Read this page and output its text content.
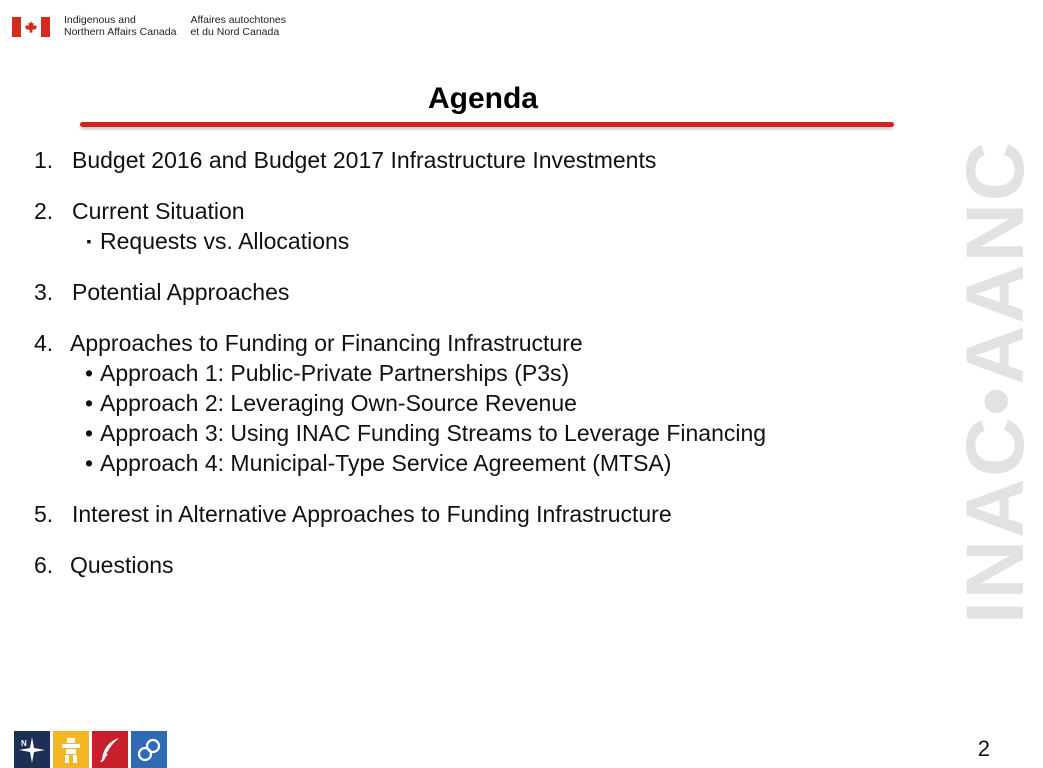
Indigenous and
Northern Affairs Canada
Affaires autochtones
et du Nord Canada
Agenda
1. Budget 2016 and Budget 2017 Infrastructure Investments
2. Current Situation
▪ Requests vs. Allocations
3. Potential Approaches
4. Approaches to Funding or Financing Infrastructure
• Approach 1: Public-Private Partnerships (P3s)
• Approach 2: Leveraging Own-Source Revenue
• Approach 3: Using INAC Funding Streams to Leverage Financing
• Approach 4: Municipal-Type Service Agreement (MTSA)
5. Interest in Alternative Approaches to Funding Infrastructure
6. Questions	INAC•AANC
N	2
